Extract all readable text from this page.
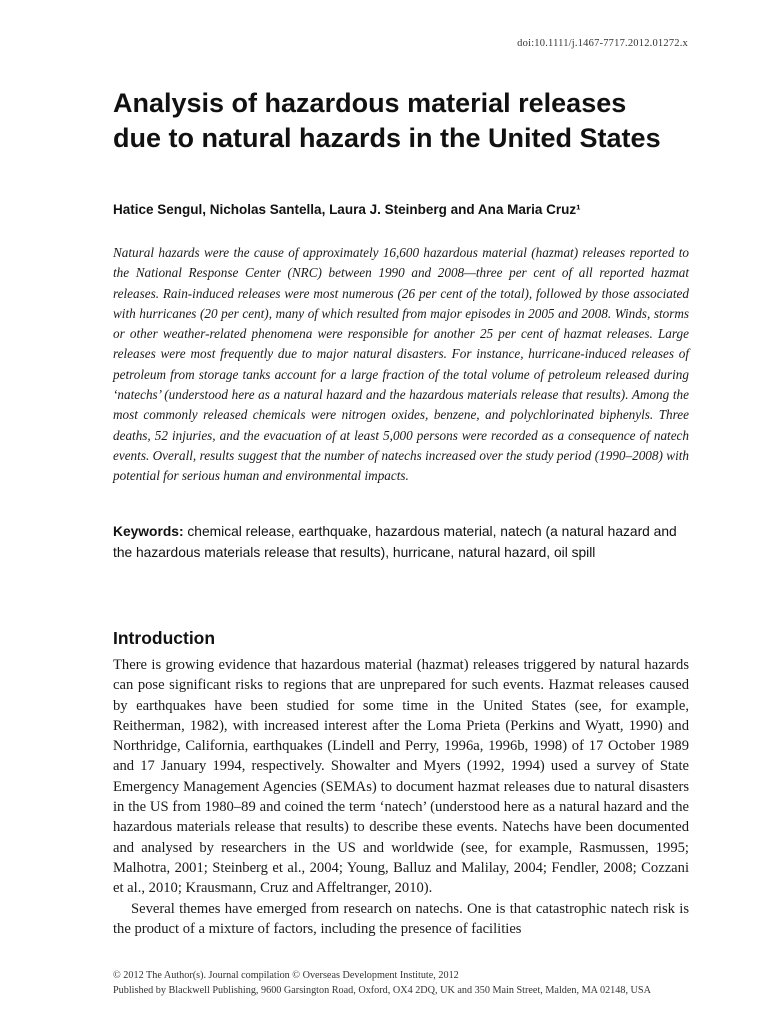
doi:10.1111/j.1467-7717.2012.01272.x
Analysis of hazardous material releases due to natural hazards in the United States
Hatice Sengul, Nicholas Santella, Laura J. Steinberg and Ana Maria Cruz¹

Natural hazards were the cause of approximately 16,600 hazardous material (hazmat) releases reported to the National Response Center (NRC) between 1990 and 2008—three per cent of all reported hazmat releases. Rain-induced releases were most numerous (26 per cent of the total), followed by those associated with hurricanes (20 per cent), many of which resulted from major episodes in 2005 and 2008. Winds, storms or other weather-related phenomena were responsible for another 25 per cent of hazmat releases. Large releases were most frequently due to major natural disasters. For instance, hurricane-induced releases of petroleum from storage tanks account for a large fraction of the total volume of petroleum released during ‘natechs’ (understood here as a natural hazard and the hazardous materials release that results). Among the most commonly released chemicals were nitrogen oxides, benzene, and polychlorinated biphenyls. Three deaths, 52 injuries, and the evacuation of at least 5,000 persons were recorded as a consequence of natech events. Overall, results suggest that the number of natechs increased over the study period (1990–2008) with potential for serious human and environmental impacts.

Keywords: chemical release, earthquake, hazardous material, natech (a natural hazard and the hazardous materials release that results), hurricane, natural hazard, oil spill
Introduction

There is growing evidence that hazardous material (hazmat) releases triggered by natural hazards can pose significant risks to regions that are unprepared for such events. Hazmat releases caused by earthquakes have been studied for some time in the United States (see, for example, Reitherman, 1982), with increased interest after the Loma Prieta (Perkins and Wyatt, 1990) and Northridge, California, earthquakes (Lindell and Perry, 1996a, 1996b, 1998) of 17 October 1989 and 17 January 1994, respectively. Showalter and Myers (1992, 1994) used a survey of State Emergency Management Agencies (SEMAs) to document hazmat releases due to natural disasters in the US from 1980–89 and coined the term ‘natech’ (understood here as a natural hazard and the hazardous materials release that results) to describe these events. Natechs have been documented and analysed by researchers in the US and worldwide (see, for example, Rasmussen, 1995; Malhotra, 2001; Steinberg et al., 2004; Young, Balluz and Malilay, 2004; Fendler, 2008; Cozzani et al., 2010; Krausmann, Cruz and Affeltranger, 2010).

Several themes have emerged from research on natechs. One is that catastrophic natech risk is the product of a mixture of factors, including the presence of facilities

© 2012 The Author(s). Journal compilation © Overseas Development Institute, 2012
Published by Blackwell Publishing, 9600 Garsington Road, Oxford, OX4 2DQ, UK and 350 Main Street, Malden, MA 02148, USA
